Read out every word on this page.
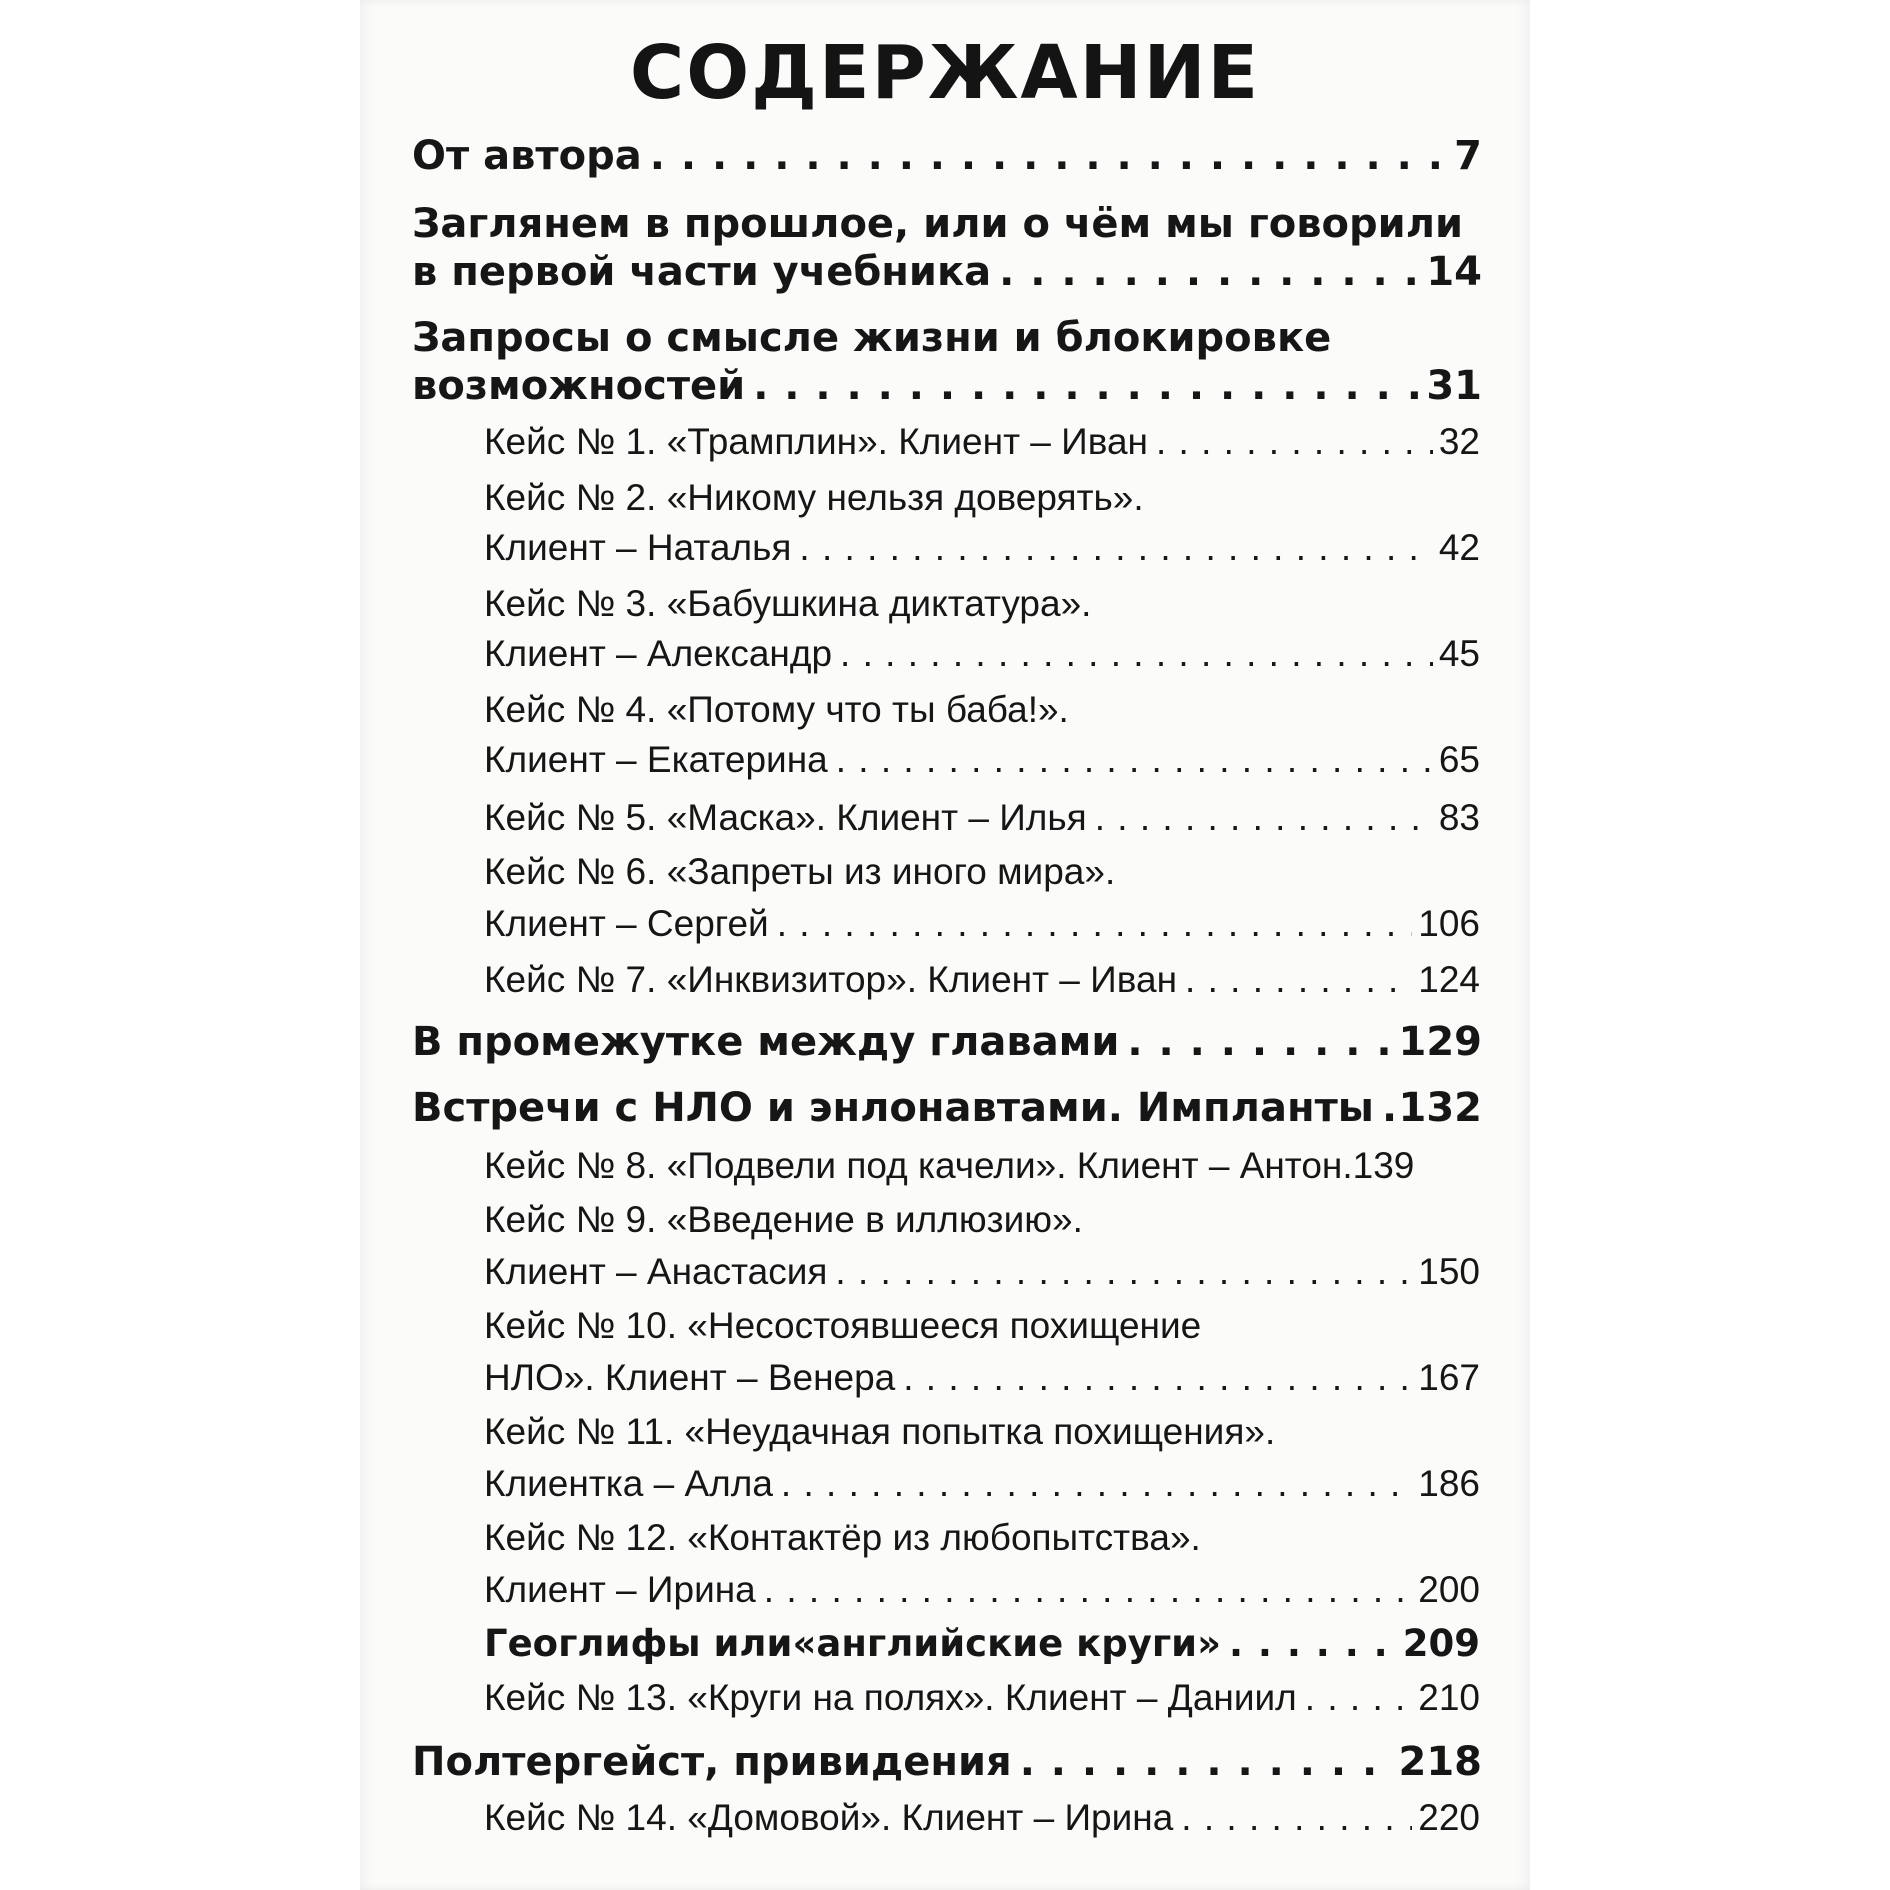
СОДЕРЖАНИЕ
От автора . . .	7
Заглянем в прошлое, или о чём мы говорили
в первой части учебника . . .	14
Запросы о смысле жизни и блокировке
возможностей . . .	31
Кейс № 1. «Трамплин». Клиент – Иван . . .	32
Кейс № 2. «Никому нельзя доверять».
Клиент – Наталья . . .	42
Кейс № 3. «Бабушкина диктатура».
Клиент – Александр . . .	45
Кейс № 4. «Потому что ты баба!».
Клиент – Екатерина . . .	65
Кейс № 5. «Маска». Клиент – Илья . . .	83
Кейс № 6. «Запреты из иного мира».
Клиент – Сергей . . .	106
Кейс № 7. «Инквизитор». Клиент – Иван . . .	124
В промежутке между главами . . .	129
Встречи с НЛО и энлонавтами. Импланты . . . 132
Кейс № 8. «Подвели под качели». Клиент – Антон. 139
Кейс № 9. «Введение в иллюзию».
Клиент – Анастасия . . .	150
Кейс № 10. «Несостоявшееся похищение
НЛО». Клиент – Венера . . .	167
Кейс № 11. «Неудачная попытка похищения».
Клиентка – Алла . . .	186
Кейс № 12. «Контактёр из любопытства».
Клиент – Ирина . . .	200
Геоглифы или«английские круги» . . .	209
Кейс № 13. «Круги на полях». Клиент – Даниил . . .	210
Полтергейст, привидения . . .	218
Кейс № 14. «Домовой». Клиент – Ирина . . .	220
